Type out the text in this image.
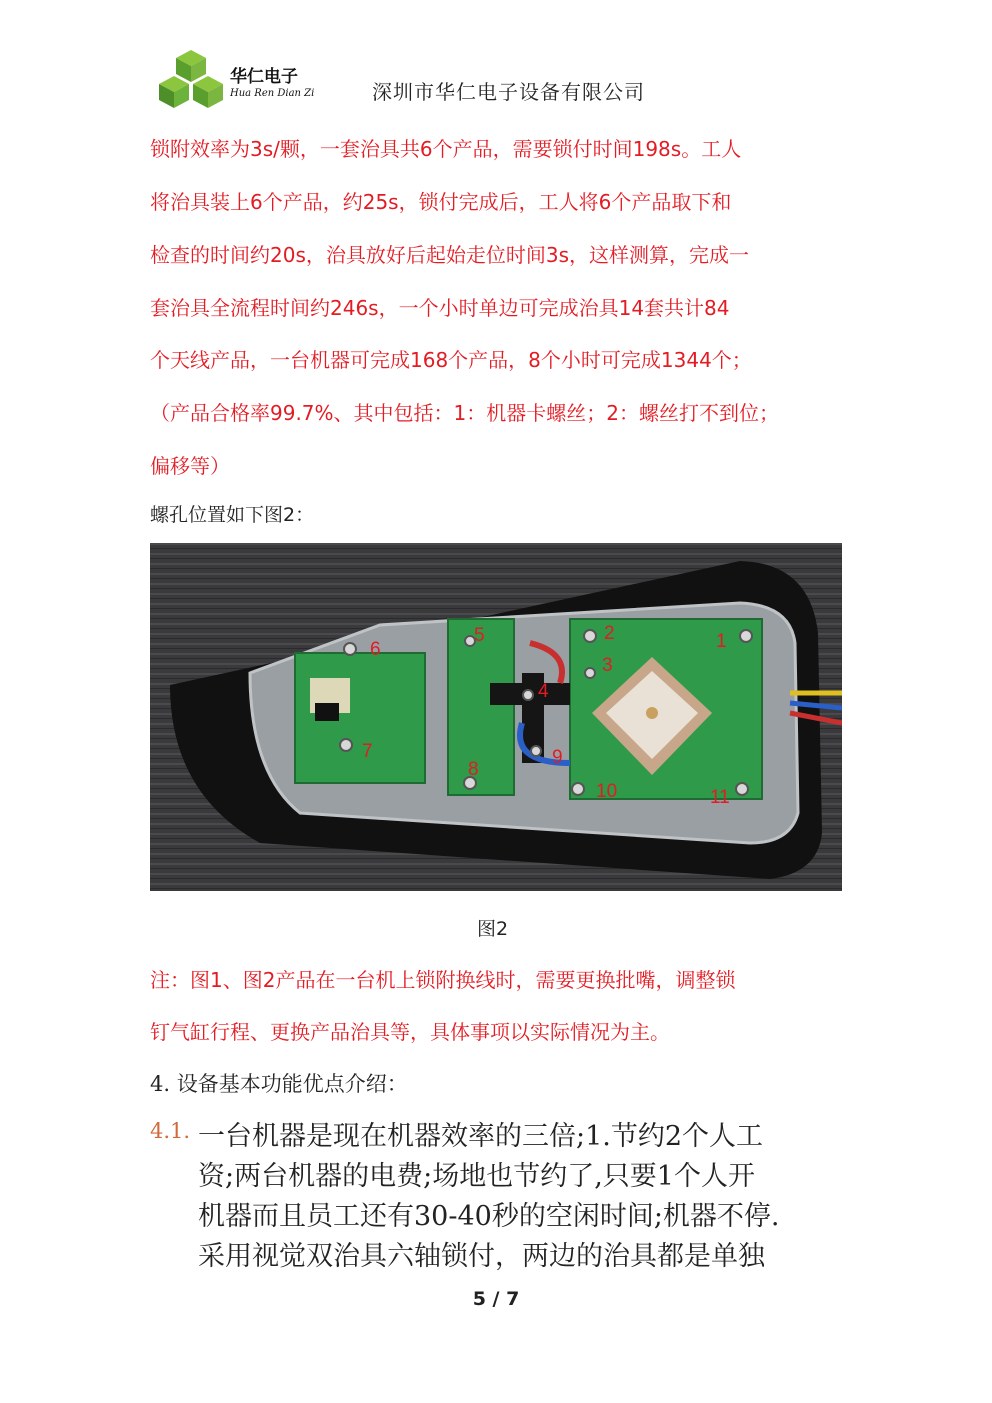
华仁电子
Hua Ren Dian Zi	深圳市华仁电子设备有限公司
锁附效率为3s/颗，一套治具共6个产品，需要锁付时间198s。工人
将治具装上6个产品，约25s，锁付完成后，工人将6个产品取下和
检查的时间约20s，治具放好后起始走位时间3s，这样测算，完成一
套治具全流程时间约246s，一个小时单边可完成治具14套共计84
个天线产品，一台机器可完成168个产品，8个小时可完成1344个；
（产品合格率99.7%、其中包括：1：机器卡螺丝；2：螺丝打不到位；
偏移等）
螺孔位置如下图2：
1
2
3
4
5
6
7
8
9
10	11
图2
注：图1、图2产品在一台机上锁附换线时，需要更换批嘴，调整锁
钉气缸行程、更换产品治具等，具体事项以实际情况为主。
4. 设备基本功能优点介绍：
4.1. 一台机器是现在机器效率的三倍;1.节约2个人工
资;两台机器的电费;场地也节约了,只要1个人开
机器而且员工还有30-40秒的空闲时间;机器不停.
采用视觉双治具六轴锁付，两边的治具都是单独
5 / 7
